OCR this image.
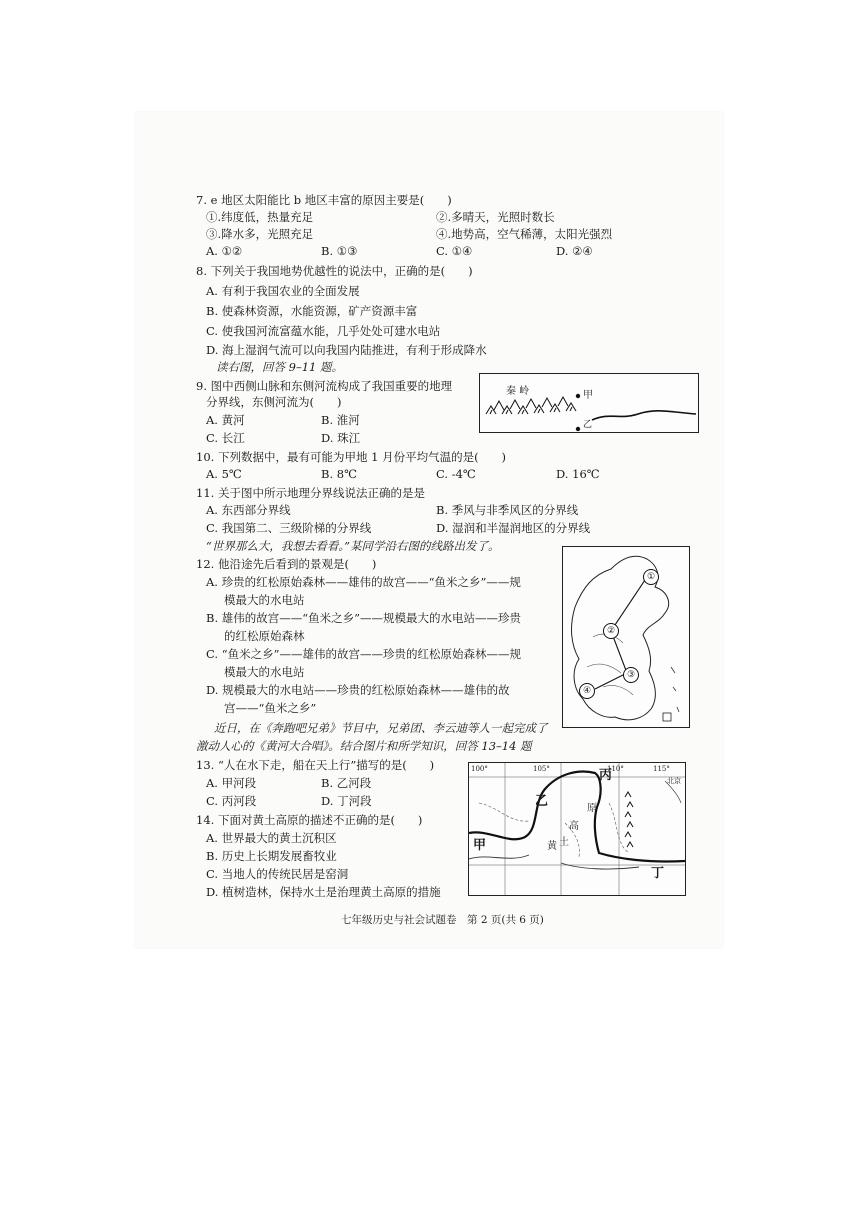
7. e 地区太阳能比 b 地区丰富的原因主要是(　　)
①.纬度低，热量充足	②.多晴天，光照时数长
③.降水多，光照充足	④.地势高，空气稀薄，太阳光强烈
A. ①②	B. ①③	C. ①④	D. ②④
8. 下列关于我国地势优越性的说法中，正确的是(　　)
A. 有利于我国农业的全面发展
B. 使森林资源，水能资源，矿产资源丰富
C. 使我国河流富蕴水能，几乎处处可建水电站
D. 海上湿润气流可以向我国内陆推进，有利于形成降水
读右图，回答 9–11 题。
9. 图中西侧山脉和东侧河流构成了我国重要的地理
分界线，东侧河流为(　　)
A. 黄河	B. 淮河
C. 长江	D. 珠江
秦 岭	甲
乙
10. 下列数据中，最有可能为甲地 1 月份平均气温的是(　　)
A. 5℃	B. 8℃	C. -4℃	D. 16℃
11. 关于图中所示地理分界线说法正确的是是
A. 东西部分界线	B. 季风与非季风区的分界线
C. 我国第二、三级阶梯的分界线	D. 湿润和半湿润地区的分界线
“世界那么大，我想去看看。”某同学沿右图的线路出发了。
12. 他沿途先后看到的景观是(　　)
A. 珍贵的红松原始森林——雄伟的故宫——“鱼米之乡”——规
模最大的水电站
B. 雄伟的故宫——“鱼米之乡”——规模最大的水电站——珍贵
的红松原始森林
C. “鱼米之乡”——雄伟的故宫——珍贵的红松原始森林——规
模最大的水电站
D. 规模最大的水电站——珍贵的红松原始森林——雄伟的故
宫——“鱼米之乡”
①
②
③
④
近日，在《奔跑吧兄弟》节目中，兄弟团、李云迪等人一起完成了
激动人心的《黄河大合唱》。结合图片和所学知识，回答 13–14 题
13. “人在水下走，船在天上行”描写的是(　　)
A. 甲河段	B. 乙河段
C. 丙河段	D. 丁河段
14. 下面对黄土高原的描述不正确的是(　　)
A. 世界最大的黄土沉积区
B. 历史上长期发展畜牧业
C. 当地人的传统民居是窑洞
D. 植树造林，保持水土是治理黄土高原的措施
100°	105°	110°	115°
北京
丙
乙
甲
丁
原
高
土
黄
七年级历史与社会试题卷　第 2 页(共 6 页)
